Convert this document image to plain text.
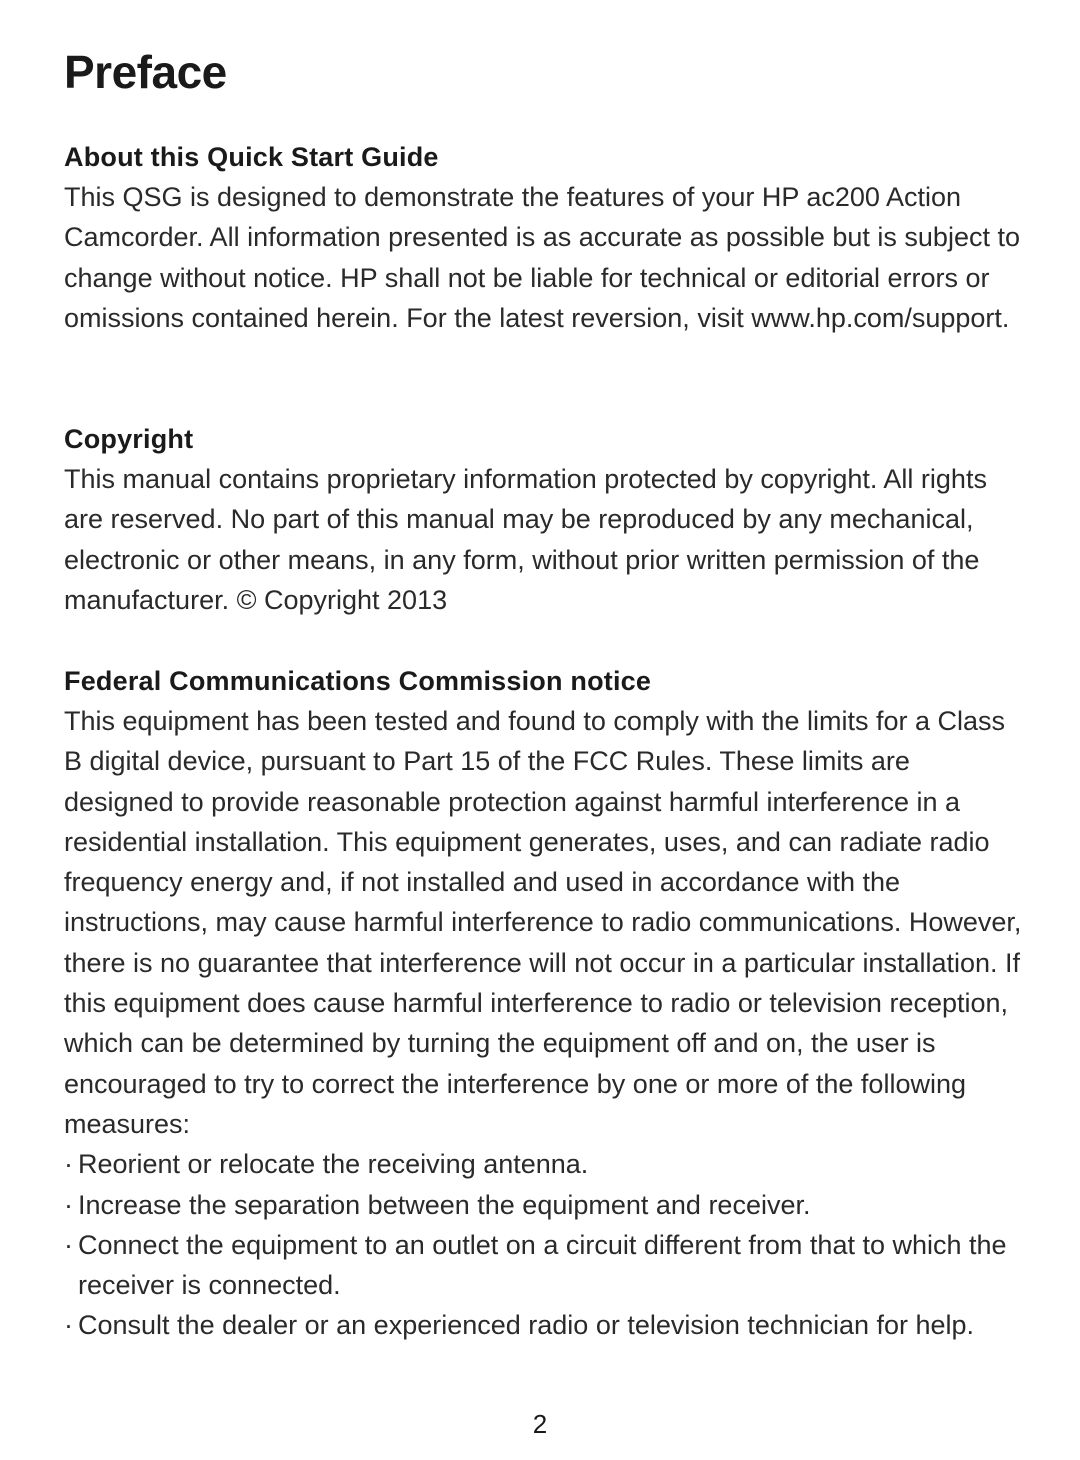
Preface
About this Quick Start Guide

This QSG is designed to demonstrate the features of your HP ac200 Action Camcorder. All information presented is as accurate as possible but is subject to change without notice. HP shall not be liable for technical or editorial errors or omissions contained herein. For the latest reversion, visit www.hp.com/support.

Copyright

This manual contains proprietary information protected by copyright. All rights are reserved. No part of this manual may be reproduced by any mechanical, electronic or other means, in any form, without prior written permission of the manufacturer. © Copyright 2013

Federal Communications Commission notice

This equipment has been tested and found to comply with the limits for a Class B digital device, pursuant to Part 15 of the FCC Rules. These limits are designed to provide reasonable protection against harmful interference in a residential installation. This equipment generates, uses, and can radiate radio frequency energy and, if not installed and used in accordance with the instructions, may cause harmful interference to radio communications. However, there is no guarantee that interference will not occur in a particular installation. If this equipment does cause harmful interference to radio or television reception, which can be determined by turning the equipment off and on, the user is encouraged to try to correct the interference by one or more of the following measures:

· Reorient or relocate the receiving antenna.
· Increase the separation between the equipment and receiver.
· Connect the equipment to an outlet on a circuit different from that to which the receiver is connected.
· Consult the dealer or an experienced radio or television technician for help.
2
